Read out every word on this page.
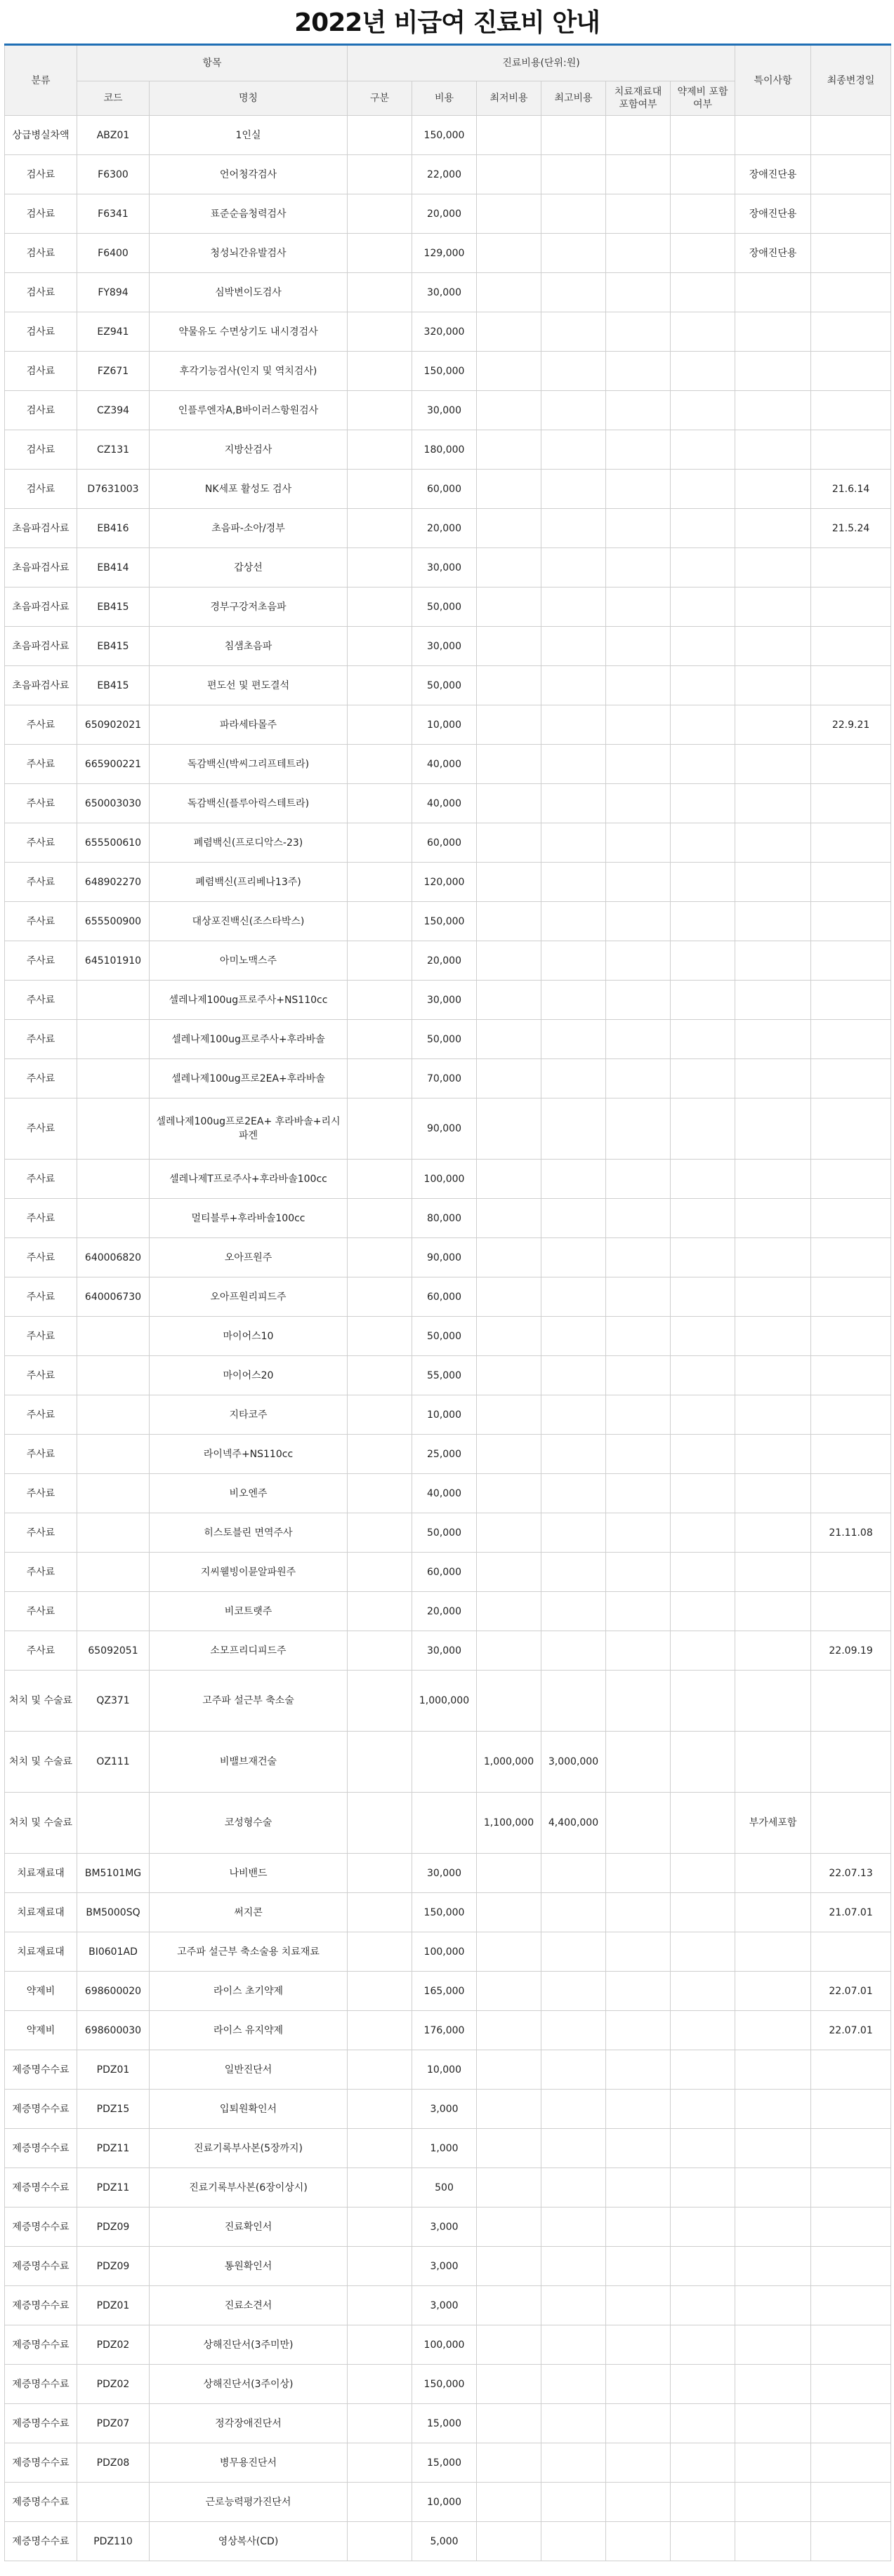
2022년 비급여 진료비 안내
분류	항목		진료비용(단위:원)						특이사항	최종변경일
	코드	명칭	구분	비용	최저비용	최고비용	치료재료대 포함여부	약제비 포함여부		
상급병실차액	ABZ01	1인실		150,000						
검사료	F6300	언어청각검사		22,000					장애진단용	
검사료	F6341	표준순음청력검사		20,000					장애진단용	
검사료	F6400	청성뇌간유발검사		129,000					장애진단용	
검사료	FY894	심박변이도검사		30,000						
검사료	EZ941	약물유도 수면상기도 내시경검사		320,000						
검사료	FZ671	후각기능검사(인지 및 역치검사)		150,000						
검사료	CZ394	인플루엔자A,B바이러스항원검사		30,000						
검사료	CZ131	지방산검사		180,000						
검사료	D7631003	NK세포 활성도 검사		60,000						21.6.14
초음파검사료	EB416	초음파-소아/경부		20,000						21.5.24
초음파검사료	EB414	갑상선		30,000						
초음파검사료	EB415	경부구강저초음파		50,000						
초음파검사료	EB415	침샘초음파		30,000						
초음파검사료	EB415	편도선 및 편도결석		50,000						
주사료	650902021	파라세타몰주		10,000						22.9.21
주사료	665900221	독감백신(박씨그리프테트라)		40,000						
주사료	650003030	독감백신(플루아릭스테트라)		40,000						
주사료	655500610	폐렴백신(프로디악스-23)		60,000						
주사료	648902270	폐렴백신(프리베나13주)		120,000						
주사료	655500900	대상포진백신(조스타박스)		150,000						
주사료	645101910	아미노맥스주		20,000						
주사료		셀레나제100ug프로주사+NS110cc		30,000						
주사료		셀레나제100ug프로주사+후라바솔		50,000						
주사료		셀레나제100ug프로2EA+후라바솔		70,000						
주사료		셀레나제100ug프로2EA+ 후라바솔+리시파겐		90,000						
주사료		셀레나제T프로주사+후라바솔100cc		100,000						
주사료		멀티블루+후라바솔100cc		80,000						
주사료	640006820	오아프원주		90,000						
주사료	640006730	오아프원리피드주		60,000						
주사료		마이어스10		50,000						
주사료		마이어스20		55,000						
주사료		지타코주		10,000						
주사료		라이넥주+NS110cc		25,000						
주사료		비오엔주		40,000						
주사료		히스토블린 면역주사		50,000						21.11.08
주사료		지씨웰빙이뮨알파원주		60,000						
주사료		비코트랫주		20,000						
주사료	65092051	소모프리디피드주		30,000						22.09.19
처치 및 수술료	QZ371	고주파 설근부 축소술		1,000,000						
처치 및 수술료	OZ111	비밸브재건술			1,000,000	3,000,000				
처치 및 수술료		코성형수술			1,100,000	4,400,000			부가세포함	
치료재료대	BM5101MG	나비밴드		30,000						22.07.13
치료재료대	BM5000SQ	써지콘		150,000						21.07.01
치료재료대	BI0601AD	고주파 설근부 축소술용 치료재료		100,000						
약제비	698600020	라이스 초기약제		165,000						22.07.01
약제비	698600030	라이스 유지약제		176,000						22.07.01
제증명수수료	PDZ01	일반진단서		10,000						
제증명수수료	PDZ15	입퇴원확인서		3,000						
제증명수수료	PDZ11	진료기록부사본(5장까지)		1,000						
제증명수수료	PDZ11	진료기록부사본(6장이상시)		500						
제증명수수료	PDZ09	진료확인서		3,000						
제증명수수료	PDZ09	통원확인서		3,000						
제증명수수료	PDZ01	진료소견서		3,000						
제증명수수료	PDZ02	상해진단서(3주미만)		100,000						
제증명수수료	PDZ02	상해진단서(3주이상)		150,000						
제증명수수료	PDZ07	정각장애진단서		15,000						
제증명수수료	PDZ08	병무용진단서		15,000						
제증명수수료		근로능력평가진단서		10,000						
제증명수수료	PDZ110	영상복사(CD)		5,000						
